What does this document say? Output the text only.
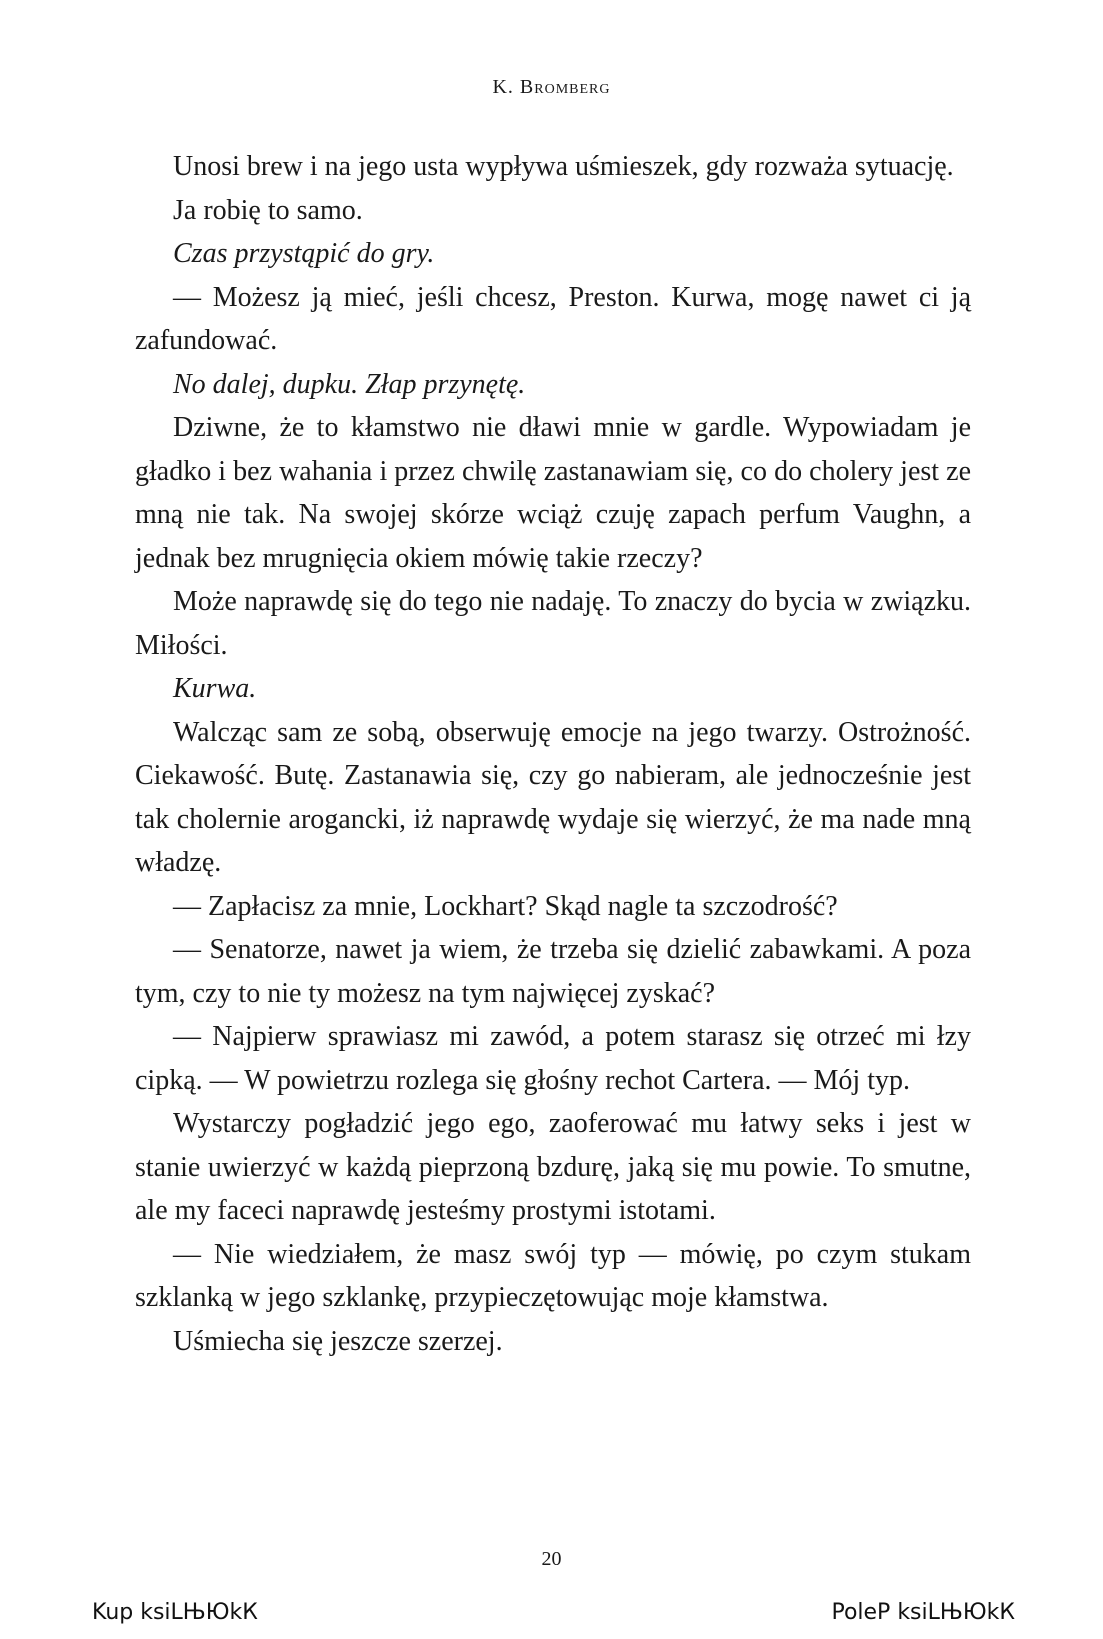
K. Bromberg

Unosi brew i na jego usta wypływa uśmieszek, gdy rozważa sytuację.

Ja robię to samo.

Czas przystąpić do gry.

— Możesz ją mieć, jeśli chcesz, Preston. Kurwa, mogę nawet ci ją zafundować.

No dalej, dupku. Złap przynętę.

Dziwne, że to kłamstwo nie dławi mnie w gardle. Wypowiadam je gładko i bez wahania i przez chwilę zastanawiam się, co do cholery jest ze mną nie tak. Na swojej skórze wciąż czuję zapach perfum Vaughn, a jednak bez mrugnięcia okiem mówię takie rzeczy?

Może naprawdę się do tego nie nadaję. To znaczy do bycia w związku. Miłości.

Kurwa.

Walcząc sam ze sobą, obserwuję emocje na jego twarzy. Ostrożność. Ciekawość. Butę. Zastanawia się, czy go nabieram, ale jednocześnie jest tak cholernie arogancki, iż naprawdę wydaje się wierzyć, że ma nade mną władzę.

— Zapłacisz za mnie, Lockhart? Skąd nagle ta szczodrość?

— Senatorze, nawet ja wiem, że trzeba się dzielić zabawkami. A poza tym, czy to nie ty możesz na tym najwięcej zyskać?

— Najpierw sprawiasz mi zawód, a potem starasz się otrzeć mi łzy cipką. — W powietrzu rozlega się głośny rechot Cartera. — Mój typ.

Wystarczy pogładzić jego ego, zaoferować mu łatwy seks i jest w stanie uwierzyć w każdą pieprzoną bzdurę, jaką się mu powie. To smutne, ale my faceci naprawdę jesteśmy prostymi istotami.

— Nie wiedziałem, że masz swój typ — mówię, po czym stukam szklanką w jego szklankę, przypieczętowując moje kłamstwa.

Uśmiecha się jeszcze szerzej.

20
Kup ksiLЊЮkК	PoleР ksiLЊЮkК
